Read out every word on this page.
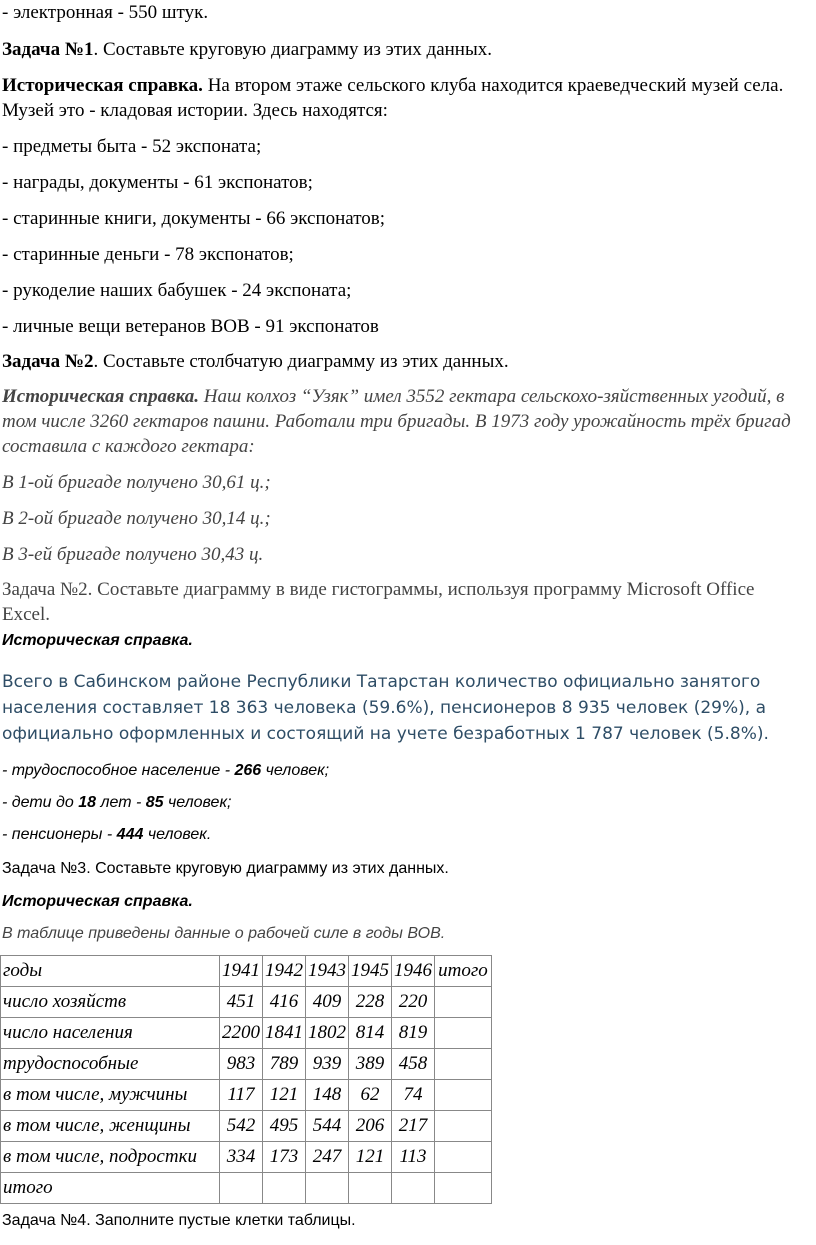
- электронная - 550 штук.

Задача №1. Составьте круговую диаграмму из этих данных.

Историческая справка. На втором этаже сельского клуба находится краеведческий музей села. Музей это - кладовая истории. Здесь находятся:

- предметы быта - 52 экспоната;

- награды, документы - 61 экспонатов;

- старинные книги, документы - 66 экспонатов;

- старинные деньги - 78 экспонатов;

- рукоделие наших бабушек - 24 экспоната;

- личные вещи ветеранов ВОВ - 91 экспонатов

Задача №2. Составьте столбчатую диаграмму из этих данных.

Историческая справка. Наш колхоз “Узяк” имел 3552 гектара сельскохо-зяйственных угодий, в том числе 3260 гектаров пашни. Работали три бригады. В 1973 году урожайность трёх бригад составила с каждого гектара:

В 1-ой бригаде получено 30,61 ц.;

В 2-ой бригаде получено 30,14 ц.;

В 3-ей бригаде получено 30,43 ц.

Задача №2. Составьте диаграмму в виде гистограммы, используя программу Microsoft Office Excel.

Историческая справка.

Всего в Сабинском районе Республики Татарстан количество официально занятого населения составляет 18 363 человека (59.6%), пенсионеров 8 935 человек (29%), а официально оформленных и состоящий на учете безработных 1 787 человек (5.8%).

- трудоспособное население - 266 человек;

- дети до 18 лет - 85 человек;

- пенсионеры - 444 человек.

Задача №3. Составьте круговую диаграмму из этих данных.

Историческая справка.

В таблице приведены данные о рабочей силе в годы ВОВ.

годы	1941	1942	1943	1945	1946	итого
число хозяйств	451	416	409	228	220	
число населения	2200	1841	1802	814	819	
трудоспособные	983	789	939	389	458	
в том числе, мужчины	117	121	148	62	74	
в том числе, женщины	542	495	544	206	217	
в том числе, подростки	334	173	247	121	113	
итого						

Задача №4. Заполните пустые клетки таблицы.
